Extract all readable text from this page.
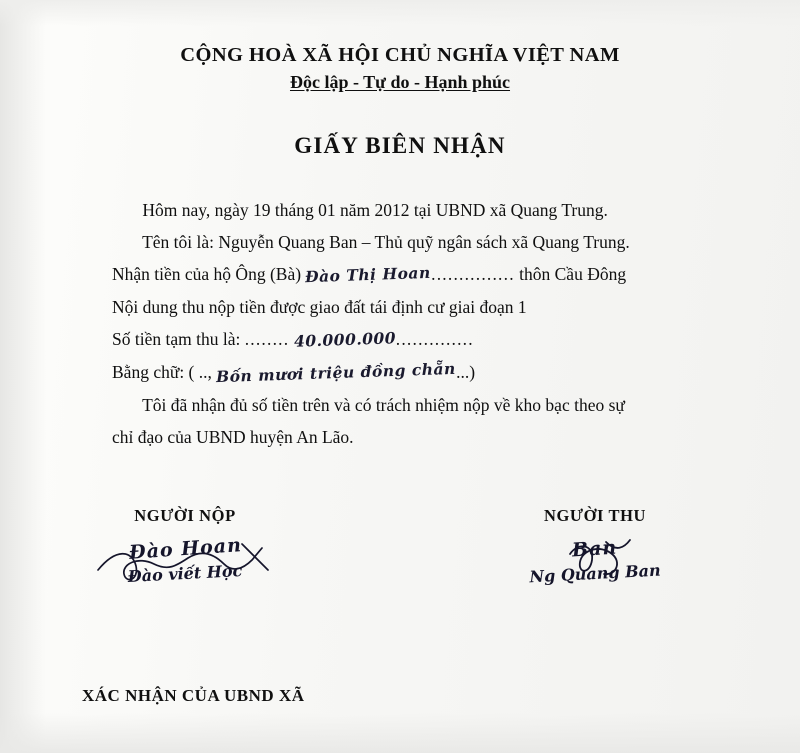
CỘNG HOÀ XÃ HỘI CHỦ NGHĨA VIỆT NAM
Độc lập - Tự do - Hạnh phúc
GIẤY BIÊN NHẬN
Hôm nay, ngày 19 tháng 01 năm 2012 tại UBND xã Quang Trung.
Tên tôi là: Nguyễn Quang Ban – Thủ quỹ ngân sách xã Quang Trung.
Nhận tiền của hộ Ông (Bà) Đào Thị Hoan............... thôn Cầu Đông
Nội dung thu nộp tiền được giao đất tái định cư giai đoạn 1
Số tiền tạm thu là: ........ 40.000.000..............
Bằng chữ: ( .., Bốn mươi triệu đồng chẵn...)
Tôi đã nhận đủ số tiền trên và có trách nhiệm nộp về kho bạc theo sự
chỉ đạo của UBND huyện An Lão.
NGƯỜI NỘP
Đào Hoan
Đào viết Học
NGƯỜI THU
Ban
Ng Quang Ban
XÁC NHẬN CỦA UBND XÃ
